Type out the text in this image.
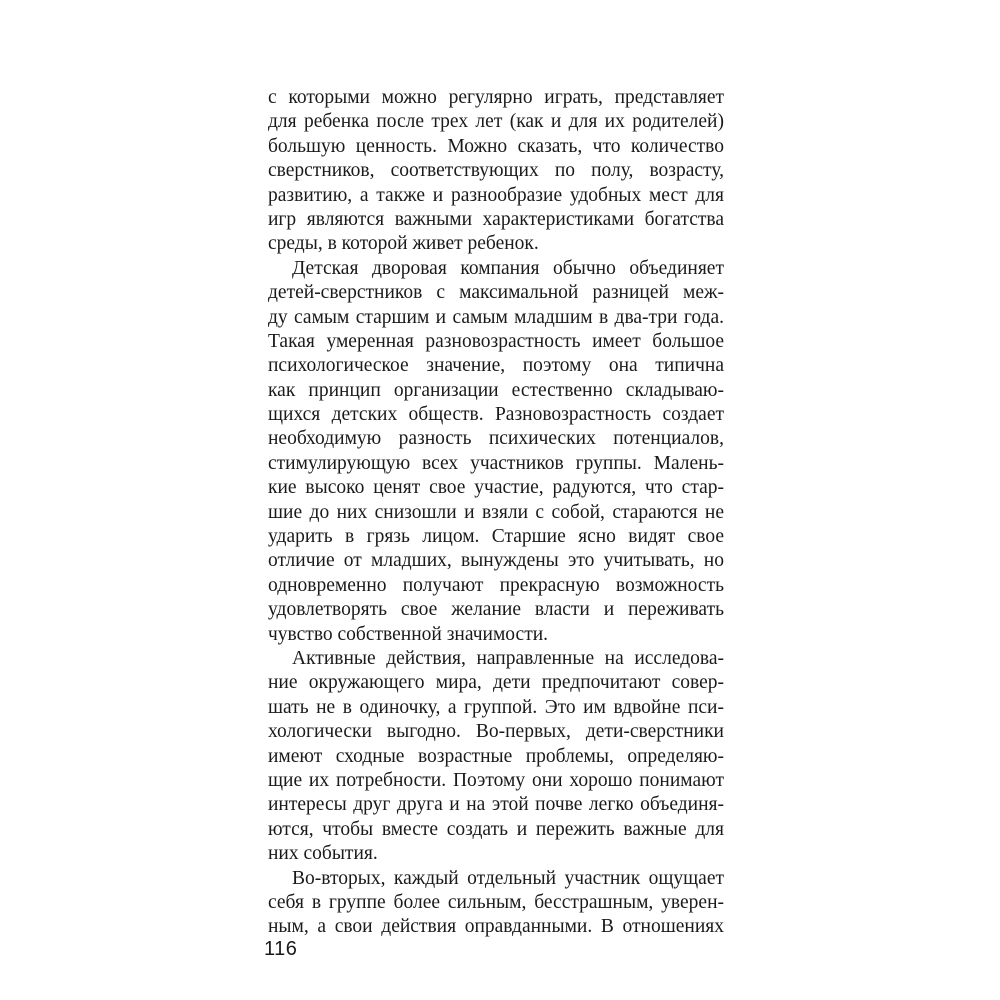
с которыми можно регулярно играть, представляет
для ребенка после трех лет (как и для их родителей)
большую ценность. Можно сказать, что количество
сверстников, соответствующих по полу, возрасту,
развитию, а также и разнообразие удобных мест для
игр являются важными характеристиками богатства
среды, в которой живет ребенок.
Детская дворовая компания обычно объединяет
детей-сверстников с максимальной разницей меж-
ду самым старшим и самым младшим в два-три года.
Такая умеренная разновозрастность имеет большое
психологическое значение, поэтому она типична
как принцип организации естественно складываю-
щихся детских обществ. Разновозрастность создает
необходимую разность психических потенциалов,
стимулирующую всех участников группы. Малень-
кие высоко ценят свое участие, радуются, что стар-
шие до них снизошли и взяли с собой, стараются не
ударить в грязь лицом. Старшие ясно видят свое
отличие от младших, вынуждены это учитывать, но
одновременно получают прекрасную возможность
удовлетворять свое желание власти и переживать
чувство собственной значимости.
Активные действия, направленные на исследова-
ние окружающего мира, дети предпочитают совер-
шать не в одиночку, а группой. Это им вдвойне пси-
хологически выгодно. Во-первых, дети-сверстники
имеют сходные возрастные проблемы, определяю-
щие их потребности. Поэтому они хорошо понимают
интересы друг друга и на этой почве легко объединя-
ются, чтобы вместе создать и пережить важные для
них события.
Во-вторых, каждый отдельный участник ощущает
себя в группе более сильным, бесстрашным, уверен-
ным, а свои действия оправданными. В отношениях
116
